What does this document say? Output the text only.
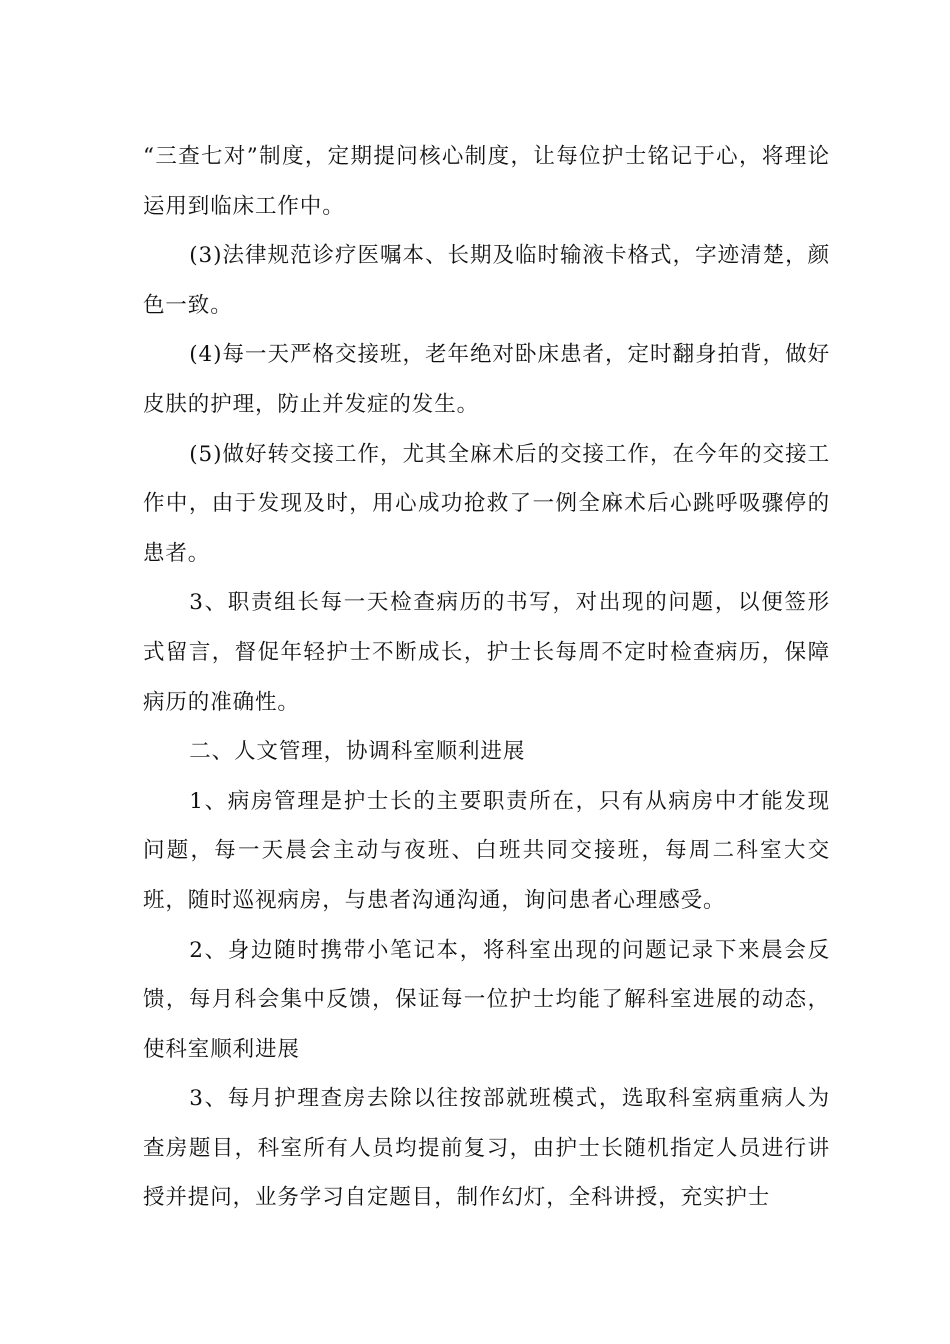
“三查七对”制度，定期提问核心制度，让每位护士铭记于心，将理论运用到临床工作中。

(3)法律规范诊疗医嘱本、长期及临时输液卡格式，字迹清楚，颜色一致。

(4)每一天严格交接班，老年绝对卧床患者，定时翻身拍背，做好皮肤的护理，防止并发症的发生。

(5)做好转交接工作，尤其全麻术后的交接工作，在今年的交接工作中，由于发现及时，用心成功抢救了一例全麻术后心跳呼吸骤停的患者。

3、职责组长每一天检查病历的书写，对出现的问题，以便签形式留言，督促年轻护士不断成长，护士长每周不定时检查病历，保障病历的准确性。

二、人文管理，协调科室顺利进展

1、病房管理是护士长的主要职责所在，只有从病房中才能发现问题，每一天晨会主动与夜班、白班共同交接班，每周二科室大交班，随时巡视病房，与患者沟通沟通，询问患者心理感受。

2、身边随时携带小笔记本，将科室出现的问题记录下来晨会反馈，每月科会集中反馈，保证每一位护士均能了解科室进展的动态，使科室顺利进展

3、每月护理查房去除以往按部就班模式，选取科室病重病人为查房题目，科室所有人员均提前复习，由护士长随机指定人员进行讲授并提问，业务学习自定题目，制作幻灯，全科讲授，充实护士
